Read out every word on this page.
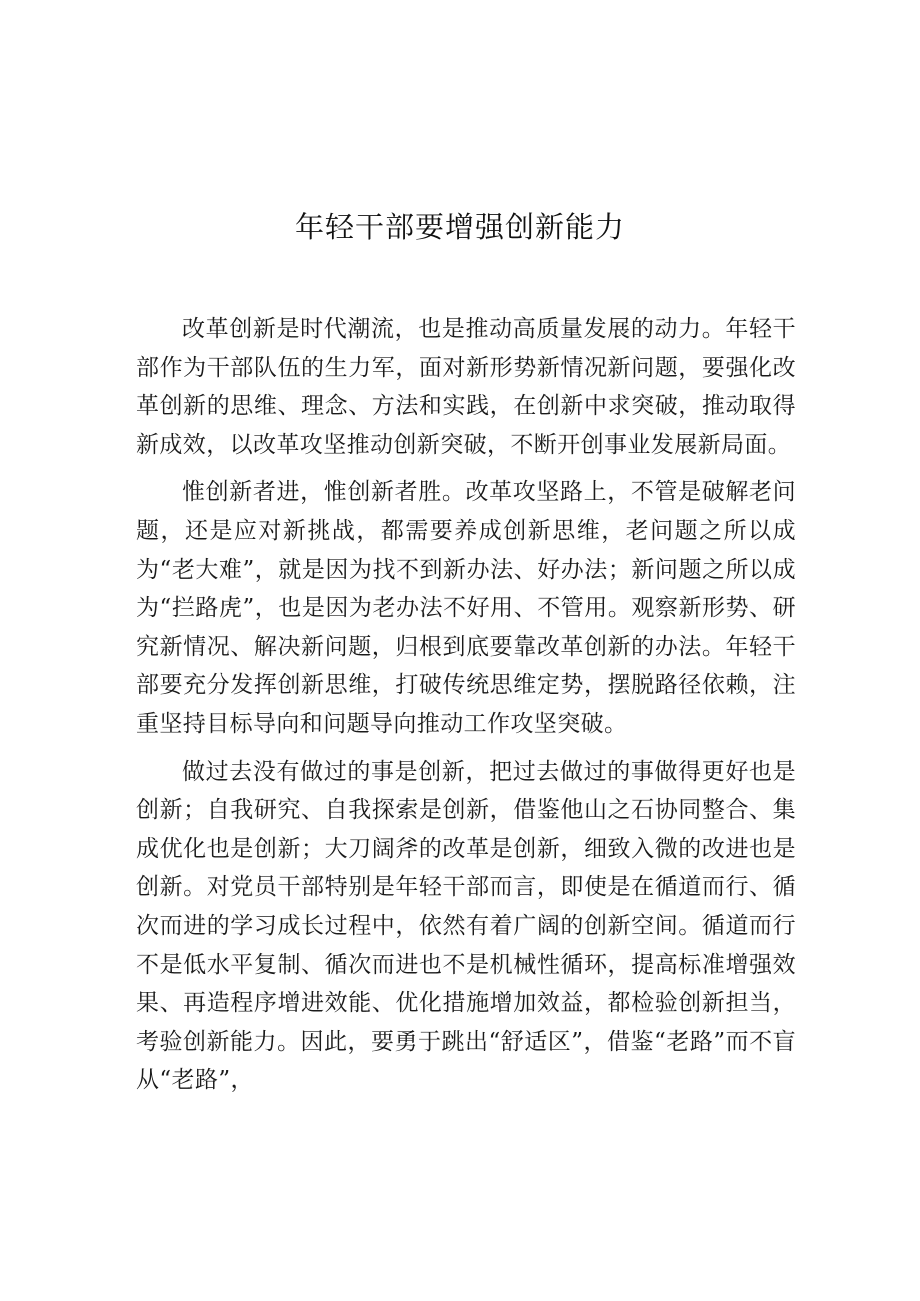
年轻干部要增强创新能力

改革创新是时代潮流，也是推动高质量发展的动力。年轻干部作为干部队伍的生力军，面对新形势新情况新问题，要强化改革创新的思维、理念、方法和实践，在创新中求突破，推动取得新成效，以改革攻坚推动创新突破，不断开创事业发展新局面。

惟创新者进，惟创新者胜。改革攻坚路上，不管是破解老问题，还是应对新挑战，都需要养成创新思维，老问题之所以成为“老大难”，就是因为找不到新办法、好办法；新问题之所以成为“拦路虎”，也是因为老办法不好用、不管用。观察新形势、研究新情况、解决新问题，归根到底要靠改革创新的办法。年轻干部要充分发挥创新思维，打破传统思维定势，摆脱路径依赖，注重坚持目标导向和问题导向推动工作攻坚突破。

做过去没有做过的事是创新，把过去做过的事做得更好也是创新；自我研究、自我探索是创新，借鉴他山之石协同整合、集成优化也是创新；大刀阔斧的改革是创新，细致入微的改进也是创新。对党员干部特别是年轻干部而言，即使是在循道而行、循次而进的学习成长过程中，依然有着广阔的创新空间。循道而行不是低水平复制、循次而进也不是机械性循环，提高标准增强效果、再造程序增进效能、优化措施增加效益，都检验创新担当，考验创新能力。因此，要勇于跳出“舒适区”，借鉴“老路”而不盲从“老路”，
